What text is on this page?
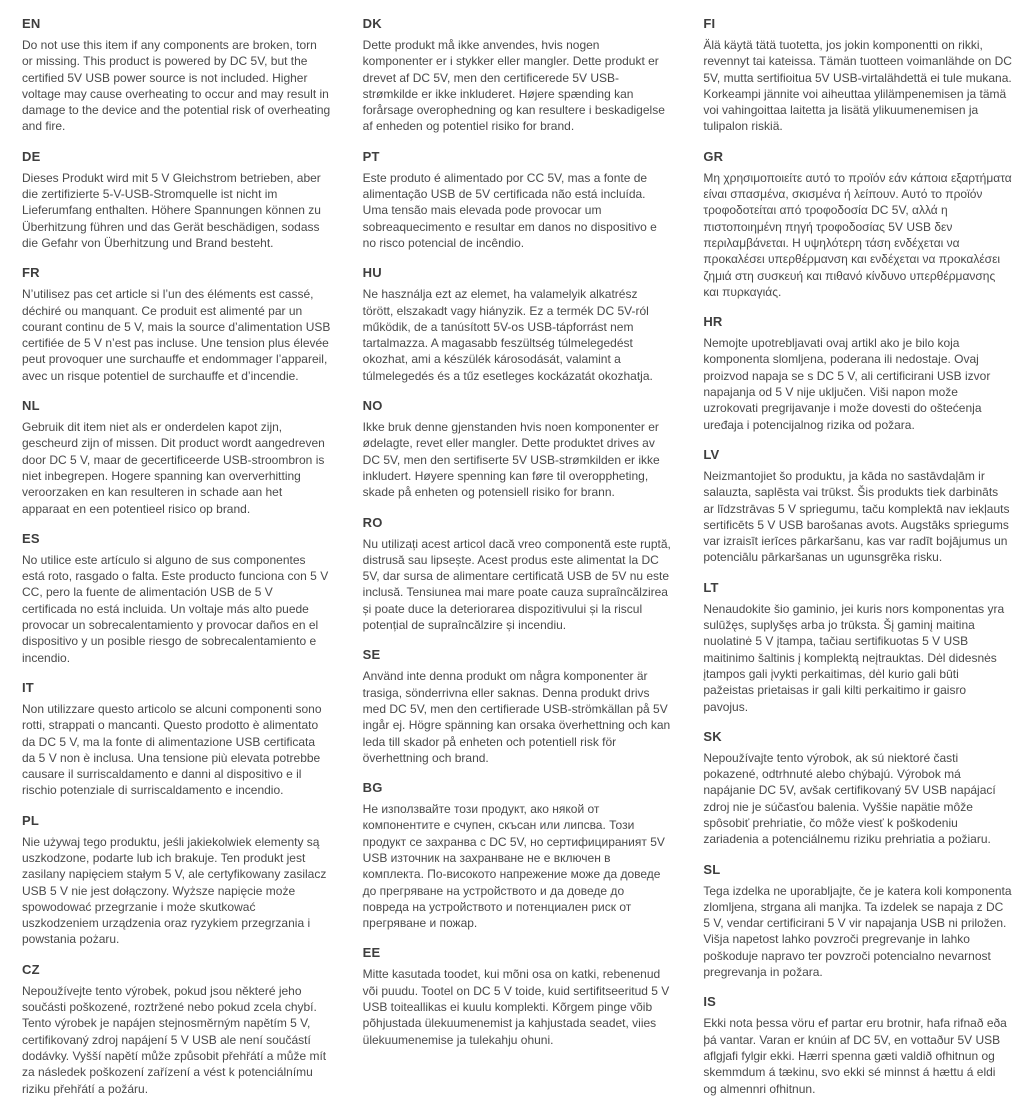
EN

Do not use this item if any components are broken, torn or missing. This product is powered by DC 5V, but the certified 5V USB power source is not included. Higher voltage may cause overheating to occur and may result in damage to the device and the potential risk of overheating and fire.

DE

Dieses Produkt wird mit 5 V Gleichstrom betrieben, aber die zertifizierte 5-V-USB-Stromquelle ist nicht im Lieferumfang enthalten. Höhere Spannungen können zu Überhitzung führen und das Gerät beschädigen, sodass die Gefahr von Überhitzung und Brand besteht.

FR

N’utilisez pas cet article si l’un des éléments est cassé, déchiré ou manquant. Ce produit est alimenté par un courant continu de 5 V, mais la source d’alimentation USB certifiée de 5 V n’est pas incluse. Une tension plus élevée peut provoquer une surchauffe et endommager l’appareil, avec un risque potentiel de surchauffe et d’incendie.

NL

Gebruik dit item niet als er onderdelen kapot zijn, gescheurd zijn of missen. Dit product wordt aangedreven door DC 5 V, maar de gecertificeerde USB-stroombron is niet inbegrepen. Hogere spanning kan oververhitting veroorzaken en kan resulteren in schade aan het apparaat en een potentieel risico op brand.

ES

No utilice este artículo si alguno de sus componentes está roto, rasgado o falta. Este producto funciona con 5 V CC, pero la fuente de alimentación USB de 5 V certificada no está incluida. Un voltaje más alto puede provocar un sobrecalentamiento y provocar daños en el dispositivo y un posible riesgo de sobrecalentamiento e incendio.

IT

Non utilizzare questo articolo se alcuni componenti sono rotti, strappati o mancanti. Questo prodotto è alimentato da DC 5 V, ma la fonte di alimentazione USB certificata da 5 V non è inclusa. Una tensione più elevata potrebbe causare il surriscaldamento e danni al dispositivo e il rischio potenziale di surriscaldamento e incendio.

PL

Nie używaj tego produktu, jeśli jakiekolwiek elementy są uszkodzone, podarte lub ich brakuje. Ten produkt jest zasilany napięciem stałym 5 V, ale certyfikowany zasilacz USB 5 V nie jest dołączony. Wyższe napięcie może spowodować przegrzanie i może skutkować uszkodzeniem urządzenia oraz ryzykiem przegrzania i powstania pożaru.

CZ

Nepoužívejte tento výrobek, pokud jsou některé jeho součásti poškozené, roztržené nebo pokud zcela chybí. Tento výrobek je napájen stejnosměrným napětím 5 V, certifikovaný zdroj napájení 5 V USB ale není součástí dodávky. Vyšší napětí může způsobit přehřátí a může mít za následek poškození zařízení a vést k potenciálnímu riziku přehřátí a požáru.

DK

Dette produkt må ikke anvendes, hvis nogen komponenter er i stykker eller mangler. Dette produkt er drevet af DC 5V, men den certificerede 5V USB-strømkilde er ikke inkluderet. Højere spænding kan forårsage overophedning og kan resultere i beskadigelse af enheden og potentiel risiko for brand.

PT

Este produto é alimentado por CC 5V, mas a fonte de alimentação USB de 5V certificada não está incluída. Uma tensão mais elevada pode provocar um sobreaquecimento e resultar em danos no dispositivo e no risco potencial de incêndio.

HU

Ne használja ezt az elemet, ha valamelyik alkatrész törött, elszakadt vagy hiányzik. Ez a termék DC 5V-ról működik, de a tanúsított 5V-os USB-tápforrást nem tartalmazza. A magasabb feszültség túlmelegedést okozhat, ami a készülék károsodását, valamint a túlmelegedés és a tűz esetleges kockázatát okozhatja.

NO

Ikke bruk denne gjenstanden hvis noen komponenter er ødelagte, revet eller mangler. Dette produktet drives av DC 5V, men den sertifiserte 5V USB-strømkilden er ikke inkludert. Høyere spenning kan føre til overoppheting, skade på enheten og potensiell risiko for brann.

RO

Nu utilizați acest articol dacă vreo componentă este ruptă, distrusă sau lipsește. Acest produs este alimentat la DC 5V, dar sursa de alimentare certificată USB de 5V nu este inclusă. Tensiunea mai mare poate cauza supraîncălzirea și poate duce la deteriorarea dispozitivului și la riscul potențial de supraîncălzire și incendiu.

SE

Använd inte denna produkt om några komponenter är trasiga, sönderrivna eller saknas. Denna produkt drivs med DC 5V, men den certifierade USB-strömkällan på 5V ingår ej. Högre spänning kan orsaka överhettning och kan leda till skador på enheten och potentiell risk för överhettning och brand.

BG

Не използвайте този продукт, ако някой от компонентите е счупен, скъсан или липсва. Този продукт се захранва с DC 5V, но сертифицираният 5V USB източник на захранване не е включен в комплекта. По-високото напрежение може да доведе до прегряване на устройството и да доведе до повреда на устройството и потенциален риск от прегряване и пожар.

EE

Mitte kasutada toodet, kui mõni osa on katki, rebenenud või puudu. Tootel on DC 5 V toide, kuid sertifitseeritud 5 V USB toiteallikas ei kuulu komplekti. Kõrgem pinge võib põhjustada ülekuumenemist ja kahjustada seadet, viies ülekuumenemise ja tulekahju ohuni.

FI

Älä käytä tätä tuotetta, jos jokin komponentti on rikki, revennyt tai kateissa. Tämän tuotteen voimanlähde on DC 5V, mutta sertifioitua 5V USB-virtalähdettä ei tule mukana. Korkeampi jännite voi aiheuttaa ylilämpenemisen ja tämä voi vahingoittaa laitetta ja lisätä ylikuumenemisen ja tulipalon riskiä.

GR

Μη χρησιμοποιείτε αυτό το προϊόν εάν κάποια εξαρτήματα είναι σπασμένα, σκισμένα ή λείπουν. Αυτό το προϊόν τροφοδοτείται από τροφοδοσία DC 5V, αλλά η πιστοποιημένη πηγή τροφοδοσίας 5V USB δεν περιλαμβάνεται. Η υψηλότερη τάση ενδέχεται να προκαλέσει υπερθέρμανση και ενδέχεται να προκαλέσει ζημιά στη συσκευή και πιθανό κίνδυνο υπερθέρμανσης και πυρκαγιάς.

HR

Nemojte upotrebljavati ovaj artikl ako je bilo koja komponenta slomljena, poderana ili nedostaje. Ovaj proizvod napaja se s DC 5 V, ali certificirani USB izvor napajanja od 5 V nije uključen. Viši napon može uzrokovati pregrijavanje i može dovesti do oštećenja uređaja i potencijalnog rizika od požara.

LV

Neizmantojiet šo produktu, ja kāda no sastāvdaļām ir salauzta, saplēsta vai trūkst. Šis produkts tiek darbināts ar līdzstrāvas 5 V spriegumu, taču komplektā nav iekļauts sertificēts 5 V USB barošanas avots. Augstāks spriegums var izraisīt ierīces pārkaršanu, kas var radīt bojājumus un potenciālu pārkaršanas un ugunsgrēka risku.

LT

Nenaudokite šio gaminio, jei kuris nors komponentas yra sulūžęs, suplyšęs arba jo trūksta. Šį gaminį maitina nuolatinė 5 V įtampa, tačiau sertifikuotas 5 V USB maitinimo šaltinis į komplektą neįtrauktas. Dėl didesnės įtampos gali įvykti perkaitimas, dėl kurio gali būti pažeistas prietaisas ir gali kilti perkaitimo ir gaisro pavojus.

SK

Nepoužívajte tento výrobok, ak sú niektoré časti pokazené, odtrhnuté alebo chýbajú. Výrobok má napájanie DC 5V, avšak certifikovaný 5V USB napájací zdroj nie je súčasťou balenia. Vyššie napätie môže spôsobiť prehriatie, čo môže viesť k poškodeniu zariadenia a potenciálnemu riziku prehriatia a požiaru.

SL

Tega izdelka ne uporabljajte, če je katera koli komponenta zlomljena, strgana ali manjka. Ta izdelek se napaja z DC 5 V, vendar certificirani 5 V vir napajanja USB ni priložen. Višja napetost lahko povzroči pregrevanje in lahko poškoduje napravo ter povzroči potencialno nevarnost pregrevanja in požara.

IS

Ekki nota þessa vöru ef partar eru brotnir, hafa rifnað eða þá vantar. Varan er knúin af DC 5V, en vottaður 5V USB aflgjafi fylgir ekki. Hærri spenna gæti valdið ofhitnun og skemmdum á tækinu, svo ekki sé minnst á hættu á eldi og almennri ofhitnun.
